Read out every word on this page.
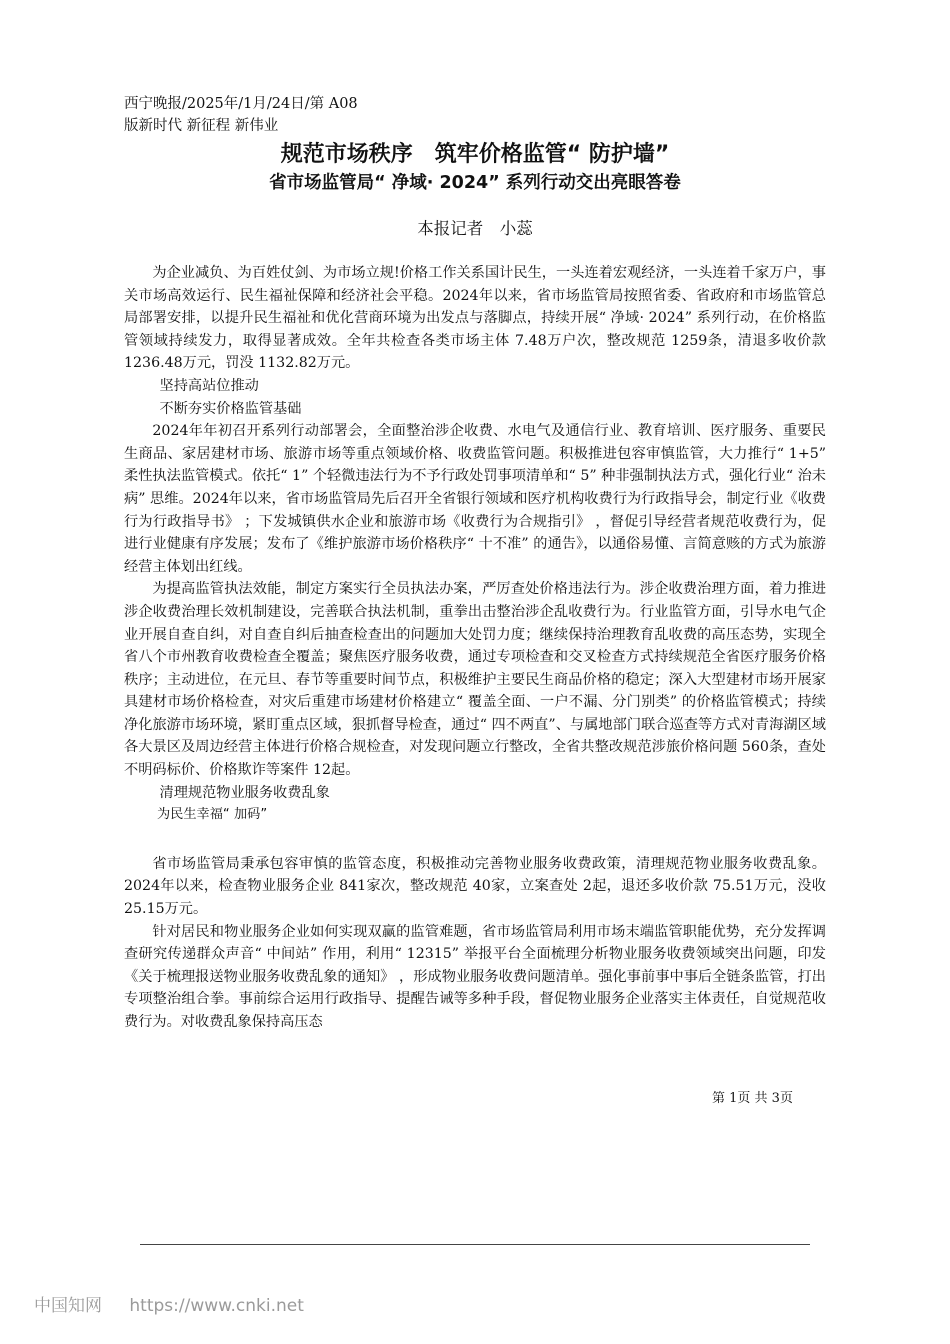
西宁晚报/2025年/1月/24日/第 A08
版新时代 新征程 新伟业
规范市场秩序　筑牢价格监管“ 防护墙”
省市场监管局“ 净域· 2024” 系列行动交出亮眼答卷
本报记者　小蕊

为企业减负、为百姓仗剑、为市场立规!价格工作关系国计民生，一头连着宏观经济，一头连着千家万户，事关市场高效运行、民生福祉保障和经济社会平稳。2024年以来，省市场监管局按照省委、省政府和市场监管总局部署安排，以提升民生福祉和优化营商环境为出发点与落脚点，持续开展“ 净域· 2024” 系列行动，在价格监管领域持续发力，取得显著成效。全年共检查各类市场主体 7.48万户次，整改规范 1259条，清退多收价款 1236.48万元，罚没 1132.82万元。

坚持高站位推动

不断夯实价格监管基础

2024年年初召开系列行动部署会，全面整治涉企收费、水电气及通信行业、教育培训、医疗服务、重要民生商品、家居建材市场、旅游市场等重点领域价格、收费监管问题。积极推进包容审慎监管，大力推行“ 1+5” 柔性执法监管模式。依托“ 1” 个轻微违法行为不予行政处罚事项清单和“ 5” 种非强制执法方式，强化行业“ 治未病” 思维。2024年以来，省市场监管局先后召开全省银行领域和医疗机构收费行为行政指导会，制定行业《收费行为行政指导书》 ；下发城镇供水企业和旅游市场《收费行为合规指引》 ，督促引导经营者规范收费行为，促进行业健康有序发展；发布了《维护旅游市场价格秩序“ 十不准” 的通告》，以通俗易懂、言简意赅的方式为旅游经营主体划出红线。

为提高监管执法效能，制定方案实行全员执法办案，严厉查处价格违法行为。涉企收费治理方面，着力推进涉企收费治理长效机制建设，完善联合执法机制，重拳出击整治涉企乱收费行为。行业监管方面，引导水电气企业开展自查自纠，对自查自纠后抽查检查出的问题加大处罚力度；继续保持治理教育乱收费的高压态势，实现全省八个市州教育收费检查全覆盖；聚焦医疗服务收费，通过专项检查和交叉检查方式持续规范全省医疗服务价格秩序；主动进位，在元旦、春节等重要时间节点，积极维护主要民生商品价格的稳定；深入大型建材市场开展家具建材市场价格检查，对灾后重建市场建材价格建立“ 覆盖全面、一户不漏、分门别类” 的价格监管模式；持续净化旅游市场环境，紧盯重点区域，狠抓督导检查，通过“ 四不两直”、与属地部门联合巡查等方式对青海湖区域各大景区及周边经营主体进行价格合规检查，对发现问题立行整改，全省共整改规范涉旅价格问题 560条，查处不明码标价、价格欺诈等案件 12起。

清理规范物业服务收费乱象

为民生幸福“ 加码”

省市场监管局秉承包容审慎的监管态度，积极推动完善物业服务收费政策，清理规范物业服务收费乱象。2024年以来，检查物业服务企业 841家次，整改规范 40家，立案查处 2起，退还多收价款 75.51万元，没收 25.15万元。

针对居民和物业服务企业如何实现双赢的监管难题，省市场监管局利用市场末端监管职能优势，充分发挥调查研究传递群众声音“ 中间站” 作用，利用“ 12315” 举报平台全面梳理分析物业服务收费领域突出问题，印发《关于梳理报送物业服务收费乱象的通知》 ，形成物业服务收费问题清单。强化事前事中事后全链条监管，打出专项整治组合拳。事前综合运用行政指导、提醒告诫等多种手段，督促物业服务企业落实主体责任，自觉规范收费行为。对收费乱象保持高压态

第 1页 共 3页
中国知网 https://www.cnki.net
